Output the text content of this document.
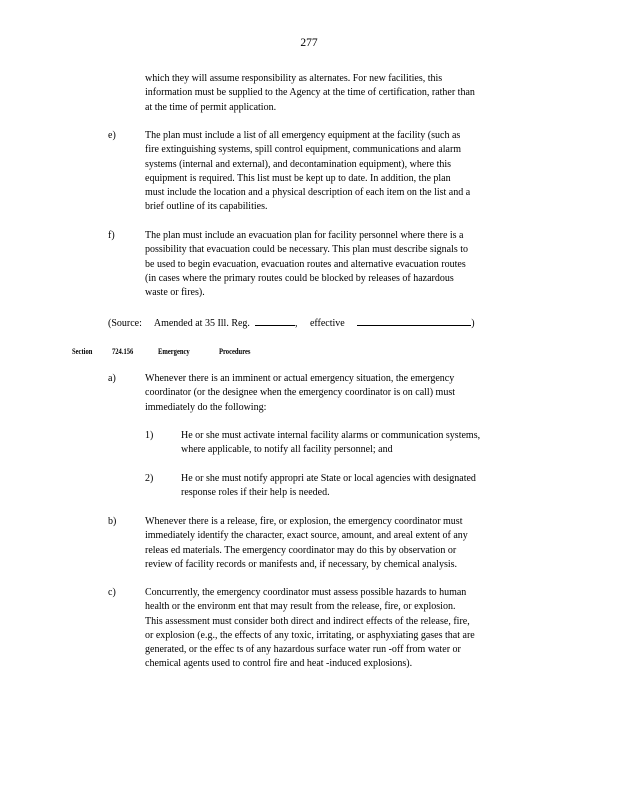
277
which they will assume responsibility as alternates. For new facilities, this
information must be supplied to the Agency at the time of certification, rather than
at the time of permit application.
e)	The plan must include a list of all emergency equipment at the facility (such as
fire extinguishing systems, spill control equipment, communications and alarm
systems (internal and external), and decontamination equipment), where this
equipment is required. This list must be kept up to date. In addition, the plan
must include the location and a physical description of each item on the list and a
brief outline of its capabilities.
f)	The plan must include an evacuation plan for facility personnel where there is a
possibility that evacuation could be necessary. This plan must describe signals to
be used to begin evacuation, evacuation routes and alternative evacuation routes
(in cases where the primary routes could be blocked by releases of hazardous
waste or fires).
(Source: Amended at 35 Ill. Reg.	, effective	)
Section 724.156	Emergency	Procedures
a)	Whenever there is an imminent or actual emergency situation, the emergency
coordinator (or the designee when the emergency coordinator is on call) must
immediately do the following:
1)	He or she must activate internal facility alarms or communication systems,
where applicable, to notify all facility personnel; and
2)	He or she must notify appropri ate State or local agencies with designated
response roles if their help is needed.
b)	Whenever there is a release, fire, or explosion, the emergency coordinator must
immediately identify the character, exact source, amount, and areal extent of any
releas ed materials. The emergency coordinator may do this by observation or
review of facility records or manifests and, if necessary, by chemical analysis.
c)	Concurrently, the emergency coordinator must assess possible hazards to human
health or the environm ent that may result from the release, fire, or explosion.
This assessment must consider both direct and indirect effects of the release, fire,
or explosion (e.g., the effects of any toxic, irritating, or asphyxiating gases that are
generated, or the effec ts of any hazardous surface water run -off from water or
chemical agents used to control fire and heat -induced explosions).
